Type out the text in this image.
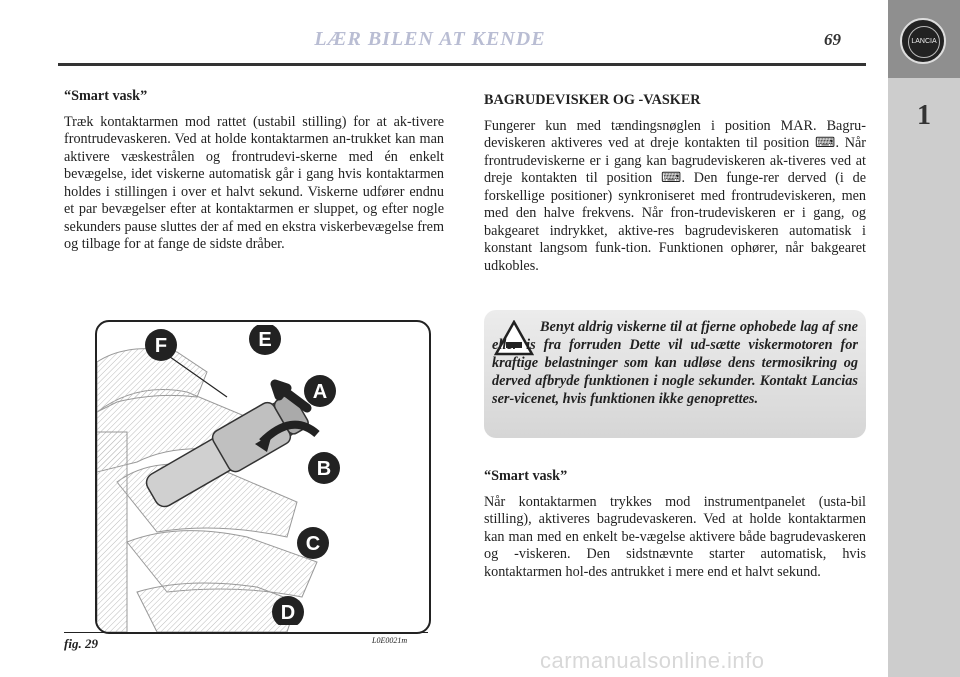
LÆR BILEN AT KENDE	69	LANCIA
1

“Smart vask”

Træk kontaktarmen mod rattet (ustabil stilling) for at ak-tivere frontrudevaskeren. Ved at holde kontaktarmen an-trukket kan man aktivere væskestrålen og frontrudevi-skerne med én enkelt bevægelse, idet viskerne automatisk går i gang hvis kontaktarmen holdes i stillingen i over et halvt sekund. Viskerne udfører endnu et par bevægelser efter at kontaktarmen er sluppet, og efter nogle sekunders pause sluttes der af med en ekstra viskerbevægelse frem og tilbage for at fange de sidste dråber.

F	E
A
B
C
D
fig. 29	L0E0021m

BAGRUDEVISKER OG -VASKER

Fungerer kun med tændingsnøglen i position MAR. Bagru-deviskeren aktiveres ved at dreje kontakten til position ⌨. Når frontrudeviskerne er i gang kan bagrudeviskeren ak-tiveres ved at dreje kontakten til position ⌨. Den funge-rer derved (i de forskellige positioner) synkroniseret med frontrudeviskeren, men med den halve frekvens. Når fron-trudeviskeren er i gang, og bakgearet indrykket, aktive-res bagrudeviskeren automatisk i konstant langsom funk-tion. Funktionen ophører, når bakgearet udkobles.

Benyt aldrig viskerne til at fjerne ophobede lag af sne eller is fra forruden Dette vil ud-sætte viskermotoren for kraftige belastninger som kan udløse dens termosikring og derved afbryde funktionen i nogle sekunder. Kontakt Lancias ser-vicenet, hvis funktionen ikke genoprettes.

“Smart vask”

Når kontaktarmen trykkes mod instrumentpanelet (usta-bil stilling), aktiveres bagrudevaskeren. Ved at holde kontaktarmen kan man med en enkelt be-vægelse aktivere både bagrudevaskeren og -viskeren. Den sidstnævnte starter automatisk, hvis kontaktarmen hol-des antrukket i mere end et halvt sekund.

carmanualsonline.info
